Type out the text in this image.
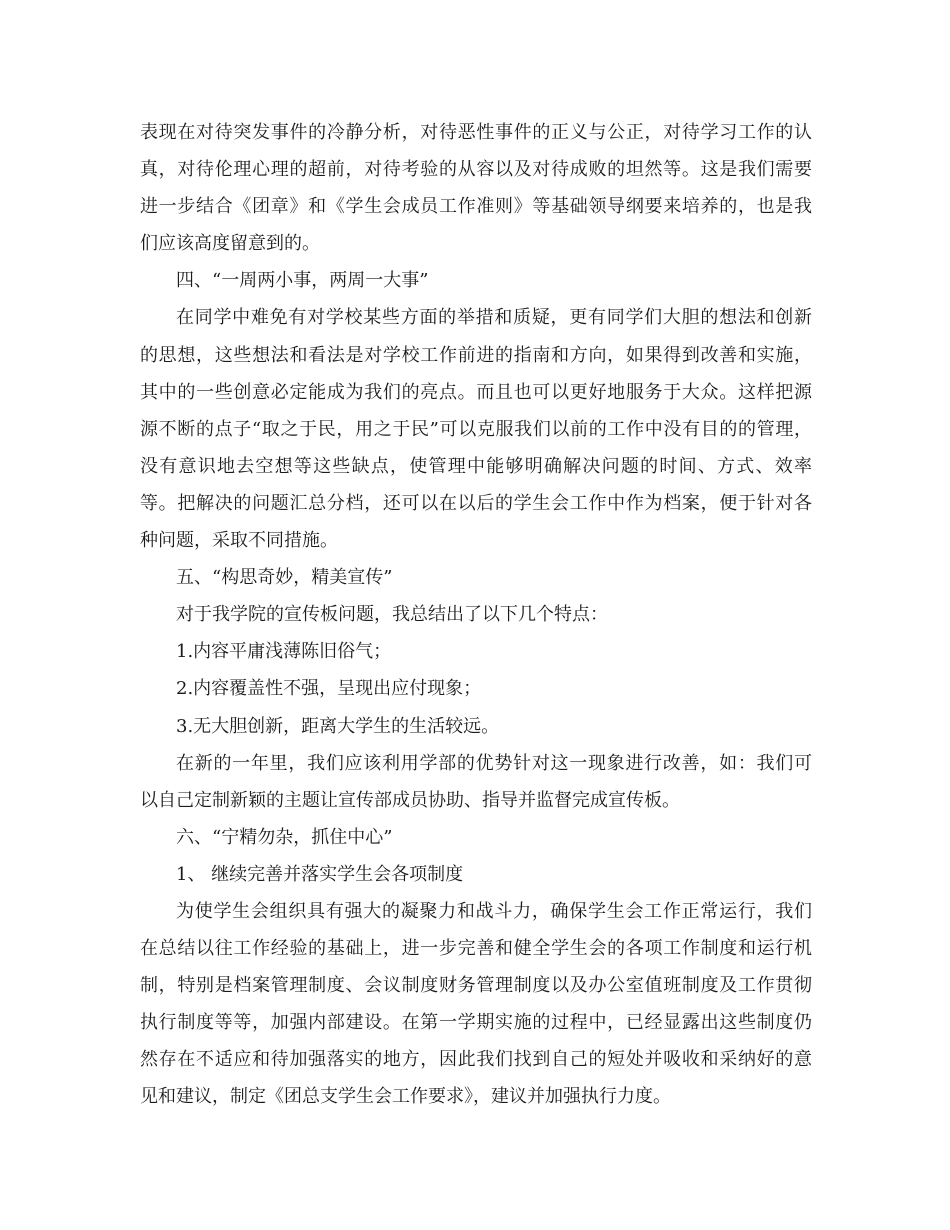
表现在对待突发事件的冷静分析，对待恶性事件的正义与公正，对待学习工作的认
真，对待伦理心理的超前，对待考验的从容以及对待成败的坦然等。这是我们需要
进一步结合《团章》和《学生会成员工作准则》等基础领导纲要来培养的，也是我
们应该高度留意到的。
四、“一周两小事，两周一大事”
在同学中难免有对学校某些方面的举措和质疑，更有同学们大胆的想法和创新
的思想，这些想法和看法是对学校工作前进的指南和方向，如果得到改善和实施，
其中的一些创意必定能成为我们的亮点。而且也可以更好地服务于大众。这样把源
源不断的点子“取之于民，用之于民”可以克服我们以前的工作中没有目的的管理，
没有意识地去空想等这些缺点，使管理中能够明确解决问题的时间、方式、效率
等。把解决的问题汇总分档，还可以在以后的学生会工作中作为档案，便于针对各
种问题，采取不同措施。
五、“构思奇妙，精美宣传”
对于我学院的宣传板问题，我总结出了以下几个特点：
1.内容平庸浅薄陈旧俗气；
2.内容覆盖性不强，呈现出应付现象；
3.无大胆创新，距离大学生的生活较远。
在新的一年里，我们应该利用学部的优势针对这一现象进行改善，如：我们可
以自己定制新颖的主题让宣传部成员协助、指导并监督完成宣传板。
六、“宁精勿杂，抓住中心”
1、 继续完善并落实学生会各项制度
为使学生会组织具有强大的凝聚力和战斗力，确保学生会工作正常运行，我们
在总结以往工作经验的基础上，进一步完善和健全学生会的各项工作制度和运行机
制，特别是档案管理制度、会议制度财务管理制度以及办公室值班制度及工作贯彻
执行制度等等，加强内部建设。在第一学期实施的过程中，已经显露出这些制度仍
然存在不适应和待加强落实的地方，因此我们找到自己的短处并吸收和采纳好的意
见和建议，制定《团总支学生会工作要求》，建议并加强执行力度。
